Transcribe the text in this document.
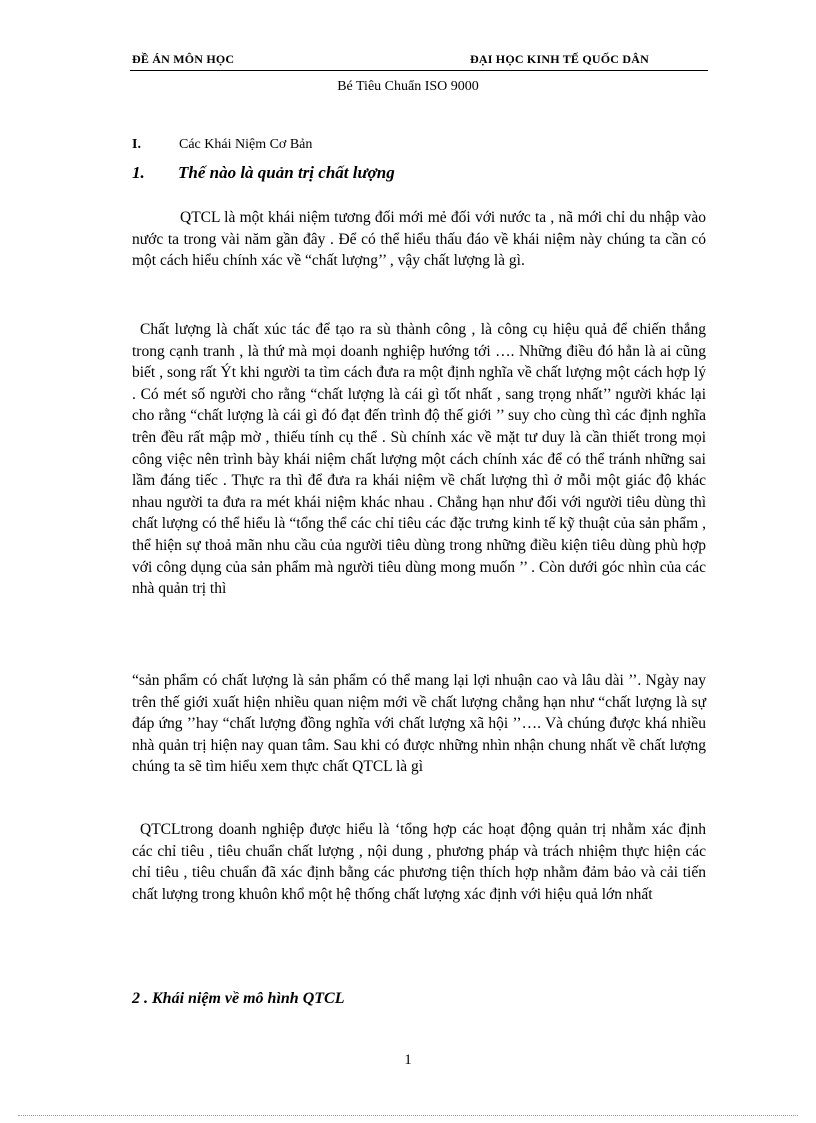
ĐỀ ÁN MÔN HỌC	ĐẠI HỌC KINH TẾ QUỐC DÂN
Bé Tiêu Chuẩn ISO 9000
I.	Các Khái Niệm Cơ Bản
1. Thế nào là quản trị chất lượng

QTCL là một khái niệm tương đối mới mẻ đối với nước ta , nã mới chỉ du nhập vào nước ta trong vài năm gần đây . Để có thể hiểu thấu đáo về khái niệm này chúng ta cần có một cách hiểu chính xác về “chất lượng’’ , vậy chất lượng là gì.

Chất lượng là chất xúc tác để tạo ra sù thành công , là công cụ hiệu quả để chiến thắng trong cạnh tranh , là thứ mà mọi doanh nghiệp hướng tới …. Những điều đó hẳn là ai cũng biết , song rất Ýt khi người ta tìm cách đưa ra một định nghĩa về chất lượng một cách hợp lý . Có mét số người cho rằng “chất lượng là cái gì tốt nhất , sang trọng nhất’’ người khác lại cho rằng “chất lượng là cái gì đó đạt đến trình độ thế giới ’’ suy cho cùng thì các định nghĩa trên đều rất mập mờ , thiếu tính cụ thể . Sù chính xác về mặt tư duy là cần thiết trong mọi công việc nên trình bày khái niệm chất lượng một cách chính xác để có thể tránh những sai lầm đáng tiếc . Thực ra thì để đưa ra khái niệm về chất lượng thì ở mỗi một giác độ khác nhau người ta đưa ra mét khái niệm khác nhau . Chẳng hạn như đối với người tiêu dùng thì chất lượng có thể hiểu là “tổng thể các chỉ tiêu các đặc trưng kinh tế kỹ thuật của sản phẩm , thể hiện sự thoả mãn nhu cầu của người tiêu dùng trong những điều kiện tiêu dùng phù hợp với công dụng của sản phẩm mà người tiêu dùng mong muốn ’’ . Còn dưới góc nhìn của các nhà quản trị thì

“sản phẩm có chất lượng là sản phẩm có thể mang lại lợi nhuận cao và lâu dài ’’. Ngày nay trên thế giới xuất hiện nhiều quan niệm mới về chất lượng chẳng hạn như “chất lượng là sự đáp ứng ’’hay “chất lượng đồng nghĩa với chất lượng xã hội ’’…. Và chúng được khá nhiều nhà quản trị hiện nay quan tâm. Sau khi có được những nhìn nhận chung nhất về chất lượng chúng ta sẽ tìm hiểu xem thực chất QTCL là gì

QTCLtrong doanh nghiệp được hiểu là ‘tổng hợp các hoạt động quản trị nhằm xác định các chỉ tiêu , tiêu chuẩn chất lượng , nội dung , phương pháp và trách nhiệm thực hiện các chỉ tiêu , tiêu chuẩn đã xác định bằng các phương tiện thích hợp nhằm đảm bảo và cải tiến chất lượng trong khuôn khổ một hệ thống chất lượng xác định với hiệu quả lớn nhất

2 . Khái niệm về mô hình QTCL
1
